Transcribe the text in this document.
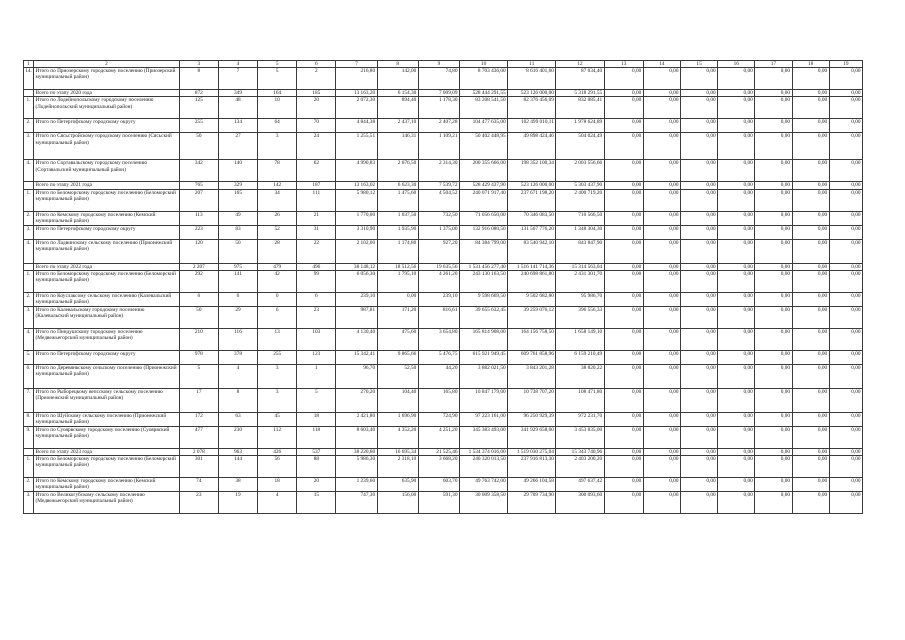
1	2	3	4	5	6	7	8	9	10	11	12	13	14	15	16	17	18	19
14.	Итого по Приозерскому городскому поселению (Приозерский муниципальный район)	8	7	5	2	216,80	142,00	74,80	8 703 436,00	8 616 401,60	87 034,40	0,00	0,00	0,00	0,00	0,00	0,00	0,00
	Всего по этапу 2020 года	872	349	164	185	13 163,20	6 154,30	7 009,09	528 444 291,55	523 126 000,00	5 318 291,55	0,00	0,00	0,00	0,00	0,00	0,00	0,00
1.	Итого по Лодейнопольскому городскому поселению (Лодейнопольский муниципальный район)	125	48	10	20	2 072,30	894,40	1 178,30	83 208 541,50	82 376 456,09	832 085,41	0,00	0,00	0,00	0,00	0,00	0,00	0,00
2.	Итого по Петергофскому городскому округу	255	134	64	70	4 844,38	2 437,10	2 407,28	104 477 635,00	102 499 010,11	1 978 624,89	0,00	0,00	0,00	0,00	0,00	0,00	0,00
3.	Итого по Сясьстройскому городскому поселению (Сясьский муниципальный район)	50	27	3	24	1 255,51	146,31	1 109,21	50 402 448,95	49 898 424,46	504 024,49	0,00	0,00	0,00	0,00	0,00	0,00	0,00
4.	Итого по Сортавальскому городскому поселению (Сортавальский муниципальный район)	342	140	78	62	4 990,83	2 676,50	2 314,30	200 355 666,00	198 352 100,34	2 003 556,66	0,00	0,00	0,00	0,00	0,00	0,00	0,00
	Всего по этапу 2021 года	765	329	142	187	13 163,02	6 623,30	7 539,72	528 429 437,90	523 126 000,00	5 303 437,90	0,00	0,00	0,00	0,00	0,00	0,00	0,00
1.	Итого по Беломорскому городскому поселению (Беломорский муниципальный район)	207	165	34	111	5 980,12	1 475,60	4 504,52	240 071 917,40	237 671 198,20	2 400 719,20	0,00	0,00	0,00	0,00	0,00	0,00	0,00
2.	Итого по Кемскому городскому поселению (Кемский муниципальный район)	113	49	26	21	1 770,00	1 037,50	732,50	71 056 650,00	70 346 083,50	710 566,50	0,00	0,00	0,00	0,00	0,00	0,00	0,00
3.	Итого по Петергофскому городскому округу	223	83	52	31	3 310,90	1 935,90	1 375,00	132 916 080,50	131 567 776,20	1 348 304,30	0,00	0,00	0,00	0,00	0,00	0,00	0,00
4.	Итого по Ладвинскому сельскому поселению (Прионежский муниципальный район)	120	50	28	22	2 102,00	1 174,80	927,20	84 384 799,00	83 540 942,10	843 847,90	0,00	0,00	0,00	0,00	0,00	0,00	0,00
	Всего по этапу 2022 года	2 207	975	479	496	38 148,12	18 512,56	19 635,56	1 531 456 277,40	1 516 141 714,36	15 314 563,04	0,00	0,00	0,00	0,00	0,00	0,00	0,00
1.	Итого по Беломорскому городскому поселению (Беломорский муниципальный район)	292	141	42	99	6 056,30	1 795,10	4 261,20	243 130 163,50	240 698 861,80	2 431 301,70	0,00	0,00	0,00	0,00	0,00	0,00	0,00
2.	Итого по Коуслаксому сельскому поселению (Калевальский муниципальный район)	6	6	0	6	239,10	0,00	239,10	9 598 669,50	9 502 682,80	95 986,70	0,00	0,00	0,00	0,00	0,00	0,00	0,00
3.	Итого по Калевальскому городскому поселению (Калевальский муниципальный район)	50	29	6	23	987,81	171,20	816,61	39 655 632,45	39 259 076,12	396 556,33	0,00	0,00	0,00	0,00	0,00	0,00	0,00
4.	Итого по Пиндушскому городскому поселению (Медвежьегорский муниципальный район)	210	116	13	103	4 130,40	475,60	3 654,80	165 814 908,00	164 156 758,50	1 658 149,10	0,00	0,00	0,00	0,00	0,00	0,00	0,00
5.	Итого по Петергофскому городскому округу	978	378	255	123	15 342,41	9 865,66	5 476,75	615 921 949,45	609 761 858,96	6 159 210,49	0,00	0,00	0,00	0,00	0,00	0,00	0,00
6.	Итого по Деревянкскому сельскому поселению (Прионежский муниципальный район)	5	4	3	1	96,70	52,50	44,20	3 882 021,50	3 843 201,28	38 820,22	0,00	0,00	0,00	0,00	0,00	0,00	0,00
7.	Итого по Рыборецкому вепсскому сельскому поселению (Прионежский муниципальный район)	17	8	3	5	270,20	104,40	165,80	10 847 179,00	10 738 707,20	108 471,80	0,00	0,00	0,00	0,00	0,00	0,00	0,00
8.	Итого по Шуйскому сельскому поселению (Прионежский муниципальный район)	172	63	45	18	2 421,80	1 696,90	724,90	97 223 161,00	96 250 929,39	972 231,70	0,00	0,00	0,00	0,00	0,00	0,00	0,00
9.	Итого по Суоярвскому городскому поселению (Суоярвский муниципальный район)	477	230	112	118	8 603,40	4 352,20	4 251,20	345 383 493,00	341 929 658,00	3 453 835,00	0,00	0,00	0,00	0,00	0,00	0,00	0,00
	Всего по этапу 2023 года	2 078	963	426	537	38 220,80	16 695,34	21 525,46	1 534 374 016,00	1 519 030 275,04	15 343 740,96	0,00	0,00	0,00	0,00	0,00	0,00	0,00
1.	Итого по Беломорскому городскому поселению (Беломорский муниципальный район)	301	144	56	88	5 986,30	2 318,10	3 668,20	240 320 013,50	237 916 813,30	2 403 200,20	0,00	0,00	0,00	0,00	0,00	0,00	0,00
2.	Итого по Кемскому городскому поселению (Кемский муниципальный район)	74	38	18	20	1 239,60	635,90	603,70	49 763 742,00	49 266 104,58	497 637,42	0,00	0,00	0,00	0,00	0,00	0,00	0,00
3.	Итого по Великогубскому сельскому поселению (Медвежьегорский муниципальный район)	23	19	4	15	747,30	156,00	591,30	30 009 358,50	29 709 734,90	300 093,60	0,00	0,00	0,00	0,00	0,00	0,00	0,00
